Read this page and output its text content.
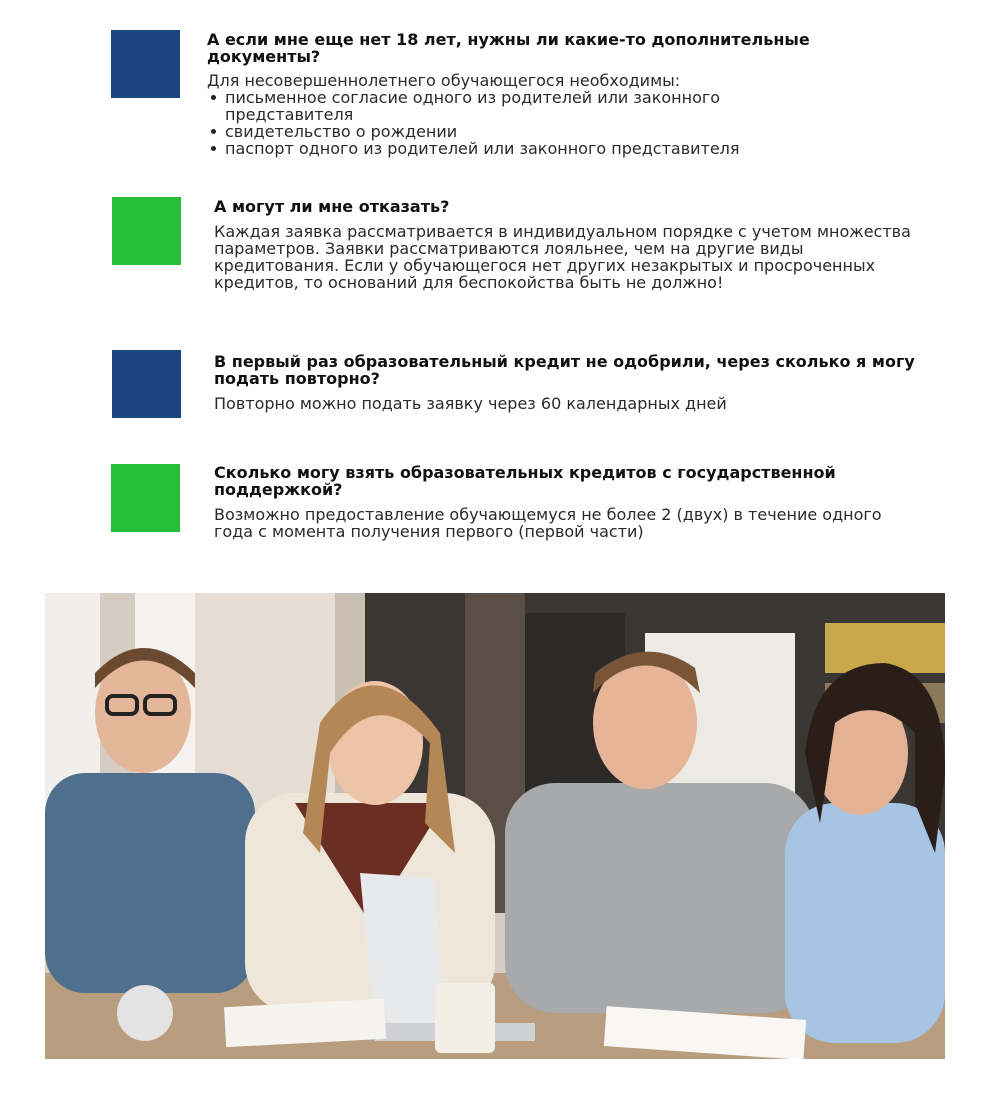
А если мне еще нет 18 лет, нужны ли какие-то дополнительные документы?

Для несовершеннолетнего обучающегося необходимы:

письменное согласие одного из родителей или законного представителя
свидетельство о рождении
паспорт одного из родителей или законного представителя

А могут ли мне отказать?

Каждая заявка рассматривается в индивидуальном порядке с учетом множества параметров. Заявки рассматриваются лояльнее, чем на другие виды кредитования. Если у обучающегося нет других незакрытых и просроченных кредитов, то оснований для беспокойства быть не должно!

В первый раз образовательный кредит не одобрили, через сколько я могу подать повторно?

Повторно можно подать заявку через 60 календарных дней

Сколько могу взять образовательных кредитов с государственной поддержкой?

Возможно предоставление обучающемуся не более 2 (двух) в течение одного года с момента получения первого (первой части)
